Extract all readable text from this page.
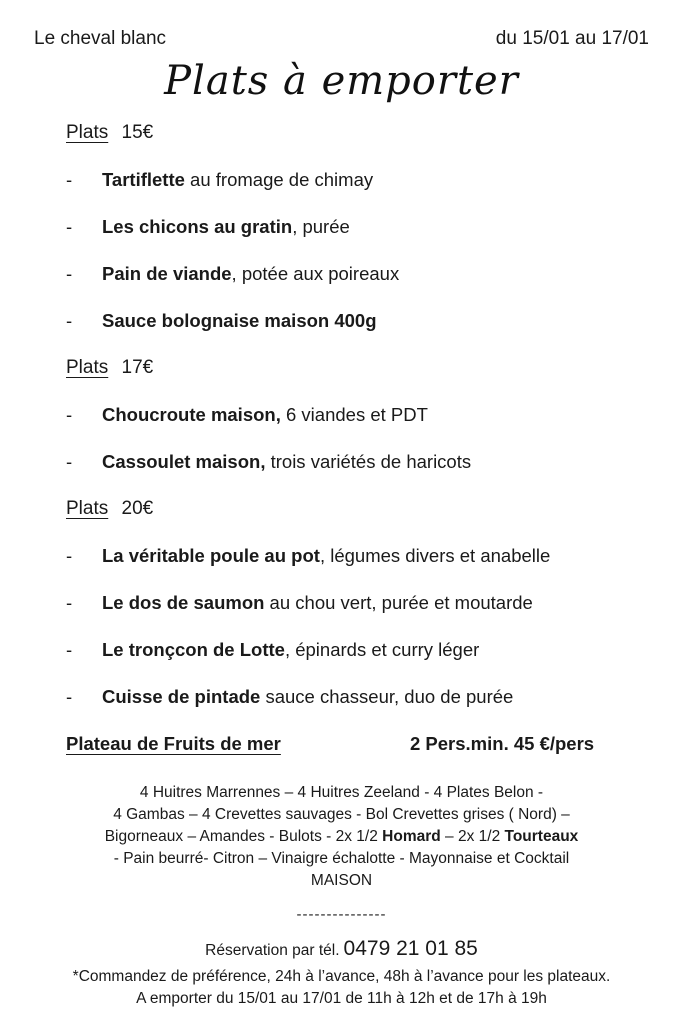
Le cheval blanc	du 15/01 au 17/01
Plats à emporter
Plats 15€
-	Tartiflette au fromage de chimay
-	Les chicons au gratin, purée
-	Pain de viande, potée aux poireaux
-	Sauce bolognaise maison 400g
Plats 17€
-	Choucroute maison, 6 viandes et PDT
-	Cassoulet maison, trois variétés de haricots
Plats 20€
-	La véritable poule au pot, légumes divers et anabelle
-	Le dos de saumon au chou vert, purée et moutarde
-	Le tronçcon de Lotte, épinards et curry léger
-	Cuisse de pintade sauce chasseur, duo de purée
Plateau de Fruits de mer	2 Pers.min. 45 €/pers
4 Huitres Marrennes – 4 Huitres Zeeland - 4 Plates Belon -
4 Gambas – 4 Crevettes sauvages - Bol Crevettes grises ( Nord) –
Bigorneaux – Amandes - Bulots - 2x 1/2 Homard – 2x 1/2 Tourteaux
- Pain beurré- Citron – Vinaigre échalotte - Mayonnaise et Cocktail
MAISON
---------------
Réservation par tél. 0479 21 01 85
*Commandez de préférence, 24h à l’avance, 48h à l’avance pour les plateaux.
A emporter du 15/01 au 17/01 de 11h à 12h et de 17h à 19h
